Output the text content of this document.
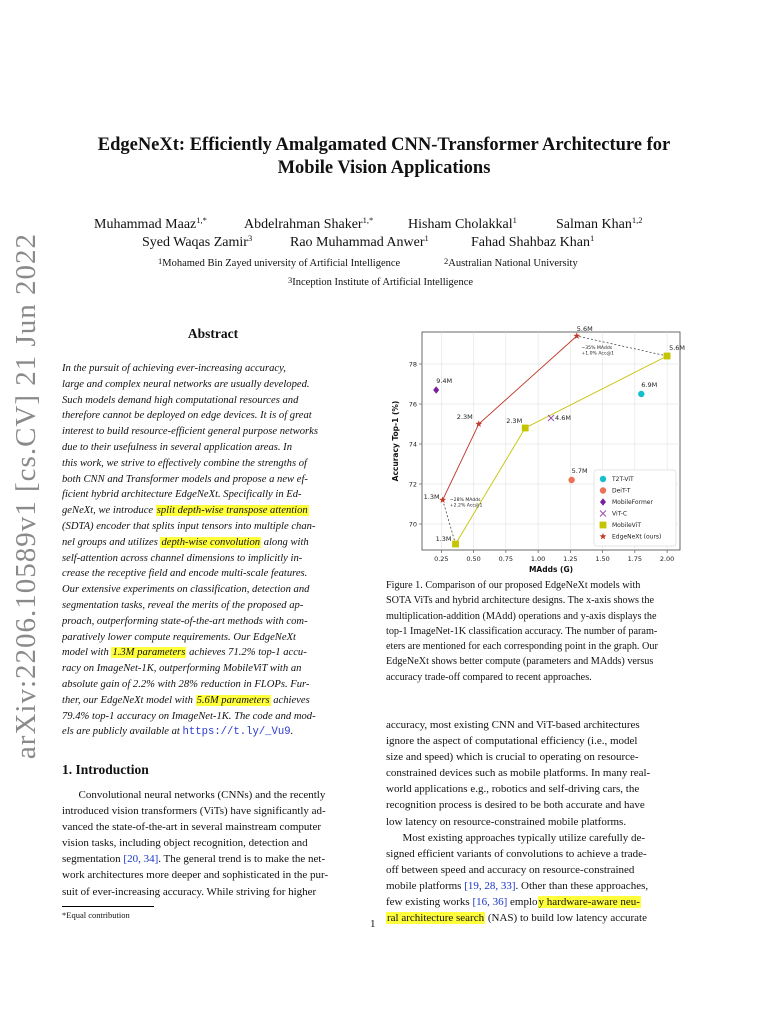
arXiv:2206.10589v1 [cs.CV] 21 Jun 2022
EdgeNeXt: Efficiently Amalgamated CNN-Transformer Architecture for
Mobile Vision Applications
Muhammad Maaz$^{1,*}$	Abdelrahman Shaker$^{1,*}$ Hisham Cholakkal$^1$	Salman Khan$^{1,2}$
Syed Waqas Zamir$^3$	Rao Muhammad Anwer$^1$	Fahad Shahbaz Khan$^1$
$^1$Mohamed Bin Zayed university of Artificial Intelligence	$^2$Australian National University
$^3$Inception Institute of Artificial Intelligence
Abstract
In the pursuit of achieving ever-increasing accuracy,
large and complex neural networks are usually developed.
Such models demand high computational resources and
therefore cannot be deployed on edge devices. It is of great
interest to build resource-efficient general purpose networks
due to their usefulness in several application areas. In
this work, we strive to effectively combine the strengths of
both CNN and Transformer models and propose a new ef-
ficient hybrid architecture EdgeNeXt. Specifically in Ed-
geNeXt, we introduce split depth-wise transpose attention
(SDTA) encoder that splits input tensors into multiple chan-
nel groups and utilizes depth-wise convolution along with
self-attention across channel dimensions to implicitly in-
crease the receptive field and encode multi-scale features.
Our extensive experiments on classification, detection and
segmentation tasks, reveal the merits of the proposed ap-
proach, outperforming state-of-the-art methods with com-
paratively lower compute requirements. Our EdgeNeXt
model with 1.3M parameters achieves 71.2% top-1 accu-
racy on ImageNet-1K, outperforming MobileViT with an
absolute gain of 2.2% with 28% reduction in FLOPs. Fur-
ther, our EdgeNeXt model with 5.6M parameters achieves
79.4% top-1 accuracy on ImageNet-1K. The code and mod-
els are publicly available at https://t.ly/_Vu9.
1. Introduction
  Convolutional neural networks (CNNs) and the recently
introduced vision transformers (ViTs) have significantly ad-
vanced the state-of-the-art in several mainstream computer
vision tasks, including object recognition, detection and
segmentation [20, 34]. The general trend is to make the net-
work architectures more deeper and sophisticated in the pur-
suit of ever-increasing accuracy. While striving for higher
*Equal contribution
1
0.25	0.50	0.75	1.00	1.25	1.50	1.75	2.00
70
72
74
76
78
MAdds (G)
Accuracy Top-1 (%)
6.9M
5.7M
9.4M
4.6M
1.3M
2.3M
5.6M
1.3M
2.3M
5.6M
~28% MAdds
+2.2% Acc@1
~35% MAdds
+1.0% Acc@1
T2T-ViT
DeiT-T
MobileFormer
ViT-C
MobileViT
EdgeNeXt (ours)
Figure 1. Comparison of our proposed EdgeNeXt models with
SOTA ViTs and hybrid architecture designs. The x-axis shows the
multiplication-addition (MAdd) operations and y-axis displays the
top-1 ImageNet-1K classification accuracy. The number of param-
eters are mentioned for each corresponding point in the graph. Our
EdgeNeXt shows better compute (parameters and MAdds) versus
accuracy trade-off compared to recent approaches.
accuracy, most existing CNN and ViT-based architectures
ignore the aspect of computational efficiency (i.e., model
size and speed) which is crucial to operating on resource-
constrained devices such as mobile platforms. In many real-
world applications e.g., robotics and self-driving cars, the
recognition process is desired to be both accurate and have
low latency on resource-constrained mobile platforms.
  Most existing approaches typically utilize carefully de-
signed efficient variants of convolutions to achieve a trade-
off between speed and accuracy on resource-constrained
mobile platforms [19, 28, 33]. Other than these approaches,
few existing works [16, 36] employ hardware-aware neu-
ral architecture search (NAS) to build low latency accurate
